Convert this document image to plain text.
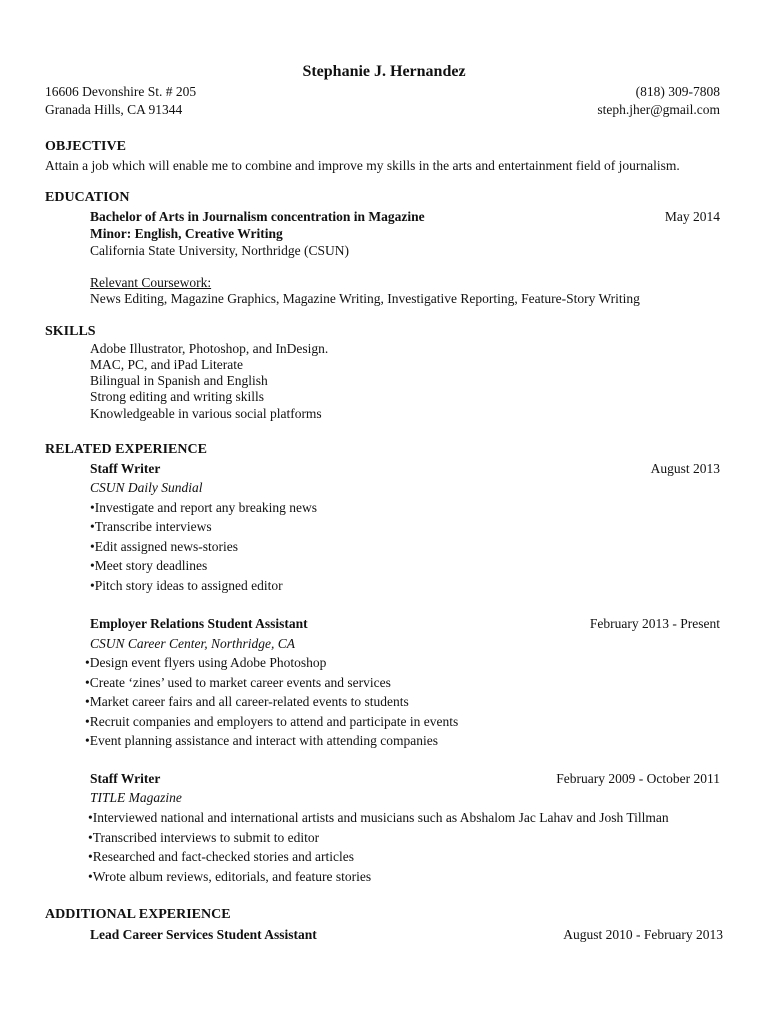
Stephanie J. Hernandez
16606 Devonshire St. # 205
Granada Hills, CA 91344
(818) 309-7808
steph.jher@gmail.com
OBJECTIVE
Attain a job which will enable me to combine and improve my skills in the arts and entertainment field of journalism.
EDUCATION
Bachelor of Arts in Journalism concentration in Magazine	May 2014
Minor: English, Creative Writing
California State University, Northridge (CSUN)
Relevant Coursework:
News Editing, Magazine Graphics, Magazine Writing, Investigative Reporting, Feature-Story Writing
SKILLS
Adobe Illustrator, Photoshop, and InDesign.
MAC, PC, and iPad Literate
Bilingual in Spanish and English
Strong editing and writing skills
Knowledgeable in various social platforms
RELATED EXPERIENCE
Staff Writer	August 2013
CSUN Daily Sundial
• Investigate and report any breaking news
• Transcribe interviews
• Edit assigned news-stories
• Meet story deadlines
• Pitch story ideas to assigned editor
Employer Relations Student Assistant	February 2013 - Present
CSUN Career Center, Northridge, CA
• Design event flyers using Adobe Photoshop
• Create ‘zines’ used to market career events and services
• Market career fairs and all career-related events to students
• Recruit companies and employers to attend and participate in events
• Event planning assistance and interact with attending companies
Staff Writer	February 2009 - October 2011
TITLE Magazine
• Interviewed national and international artists and musicians such as Abshalom Jac Lahav and Josh Tillman
• Transcribed interviews to submit to editor
• Researched and fact-checked stories and articles
• Wrote album reviews, editorials, and feature stories
ADDITIONAL EXPERIENCE
Lead Career Services Student Assistant	August 2010 - February 2013
